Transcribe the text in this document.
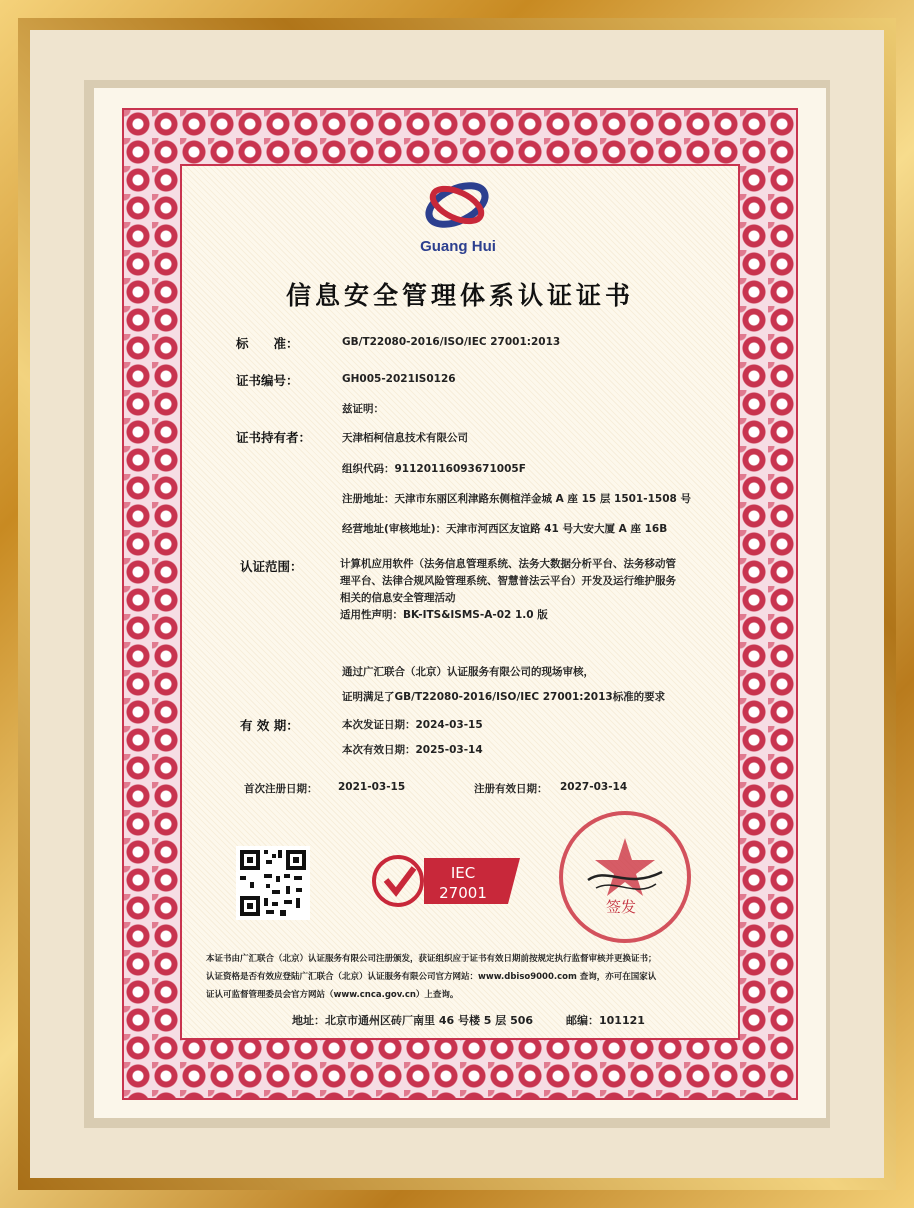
Guang Hui
信息安全管理体系认证证书
标　　准：	GB/T22080-2016/ISO/IEC 27001:2013
证书编号：	GH005-2021IS0126
兹证明：
证书持有者：	天津栢柯信息技术有限公司
组织代码：91120116093671005F
注册地址：天津市东丽区利津路东侧楦洋金城 A 座 15 层 1501-1508 号
经营地址(审核地址)：天津市河西区友谊路 41 号大安大厦 A 座 16B
认证范围：	计算机应用软件（法务信息管理系统、法务大数据分析平台、法务移动管
理平台、法律合规风险管理系统、智慧普法云平台）开发及运行维护服务
相关的信息安全管理活动
适用性声明：BK-ITS&ISMS-A-02 1.0 版
通过广汇联合（北京）认证服务有限公司的现场审核，
证明满足了GB/T22080-2016/ISO/IEC 27001:2013标准的要求
有 效 期：	本次发证日期：2024-03-15
本次有效日期：2025-03-14
首次注册日期： 2021-03-15	注册有效日期： 2027-03-14
IEC
27001
签发
本证书由广汇联合（北京）认证服务有限公司注册颁发，获证组织应于证书有效日期前按规定执行监督审核并更换证书；
认证资格是否有效应登陆广汇联合（北京）认证服务有限公司官方网站：www.dbiso9000.com 查询，亦可在国家认
证认可监督管理委员会官方网站（www.cnca.gov.cn）上查询。
地址：北京市通州区砖厂南里 46 号楼 5 层 506	邮编：101121
